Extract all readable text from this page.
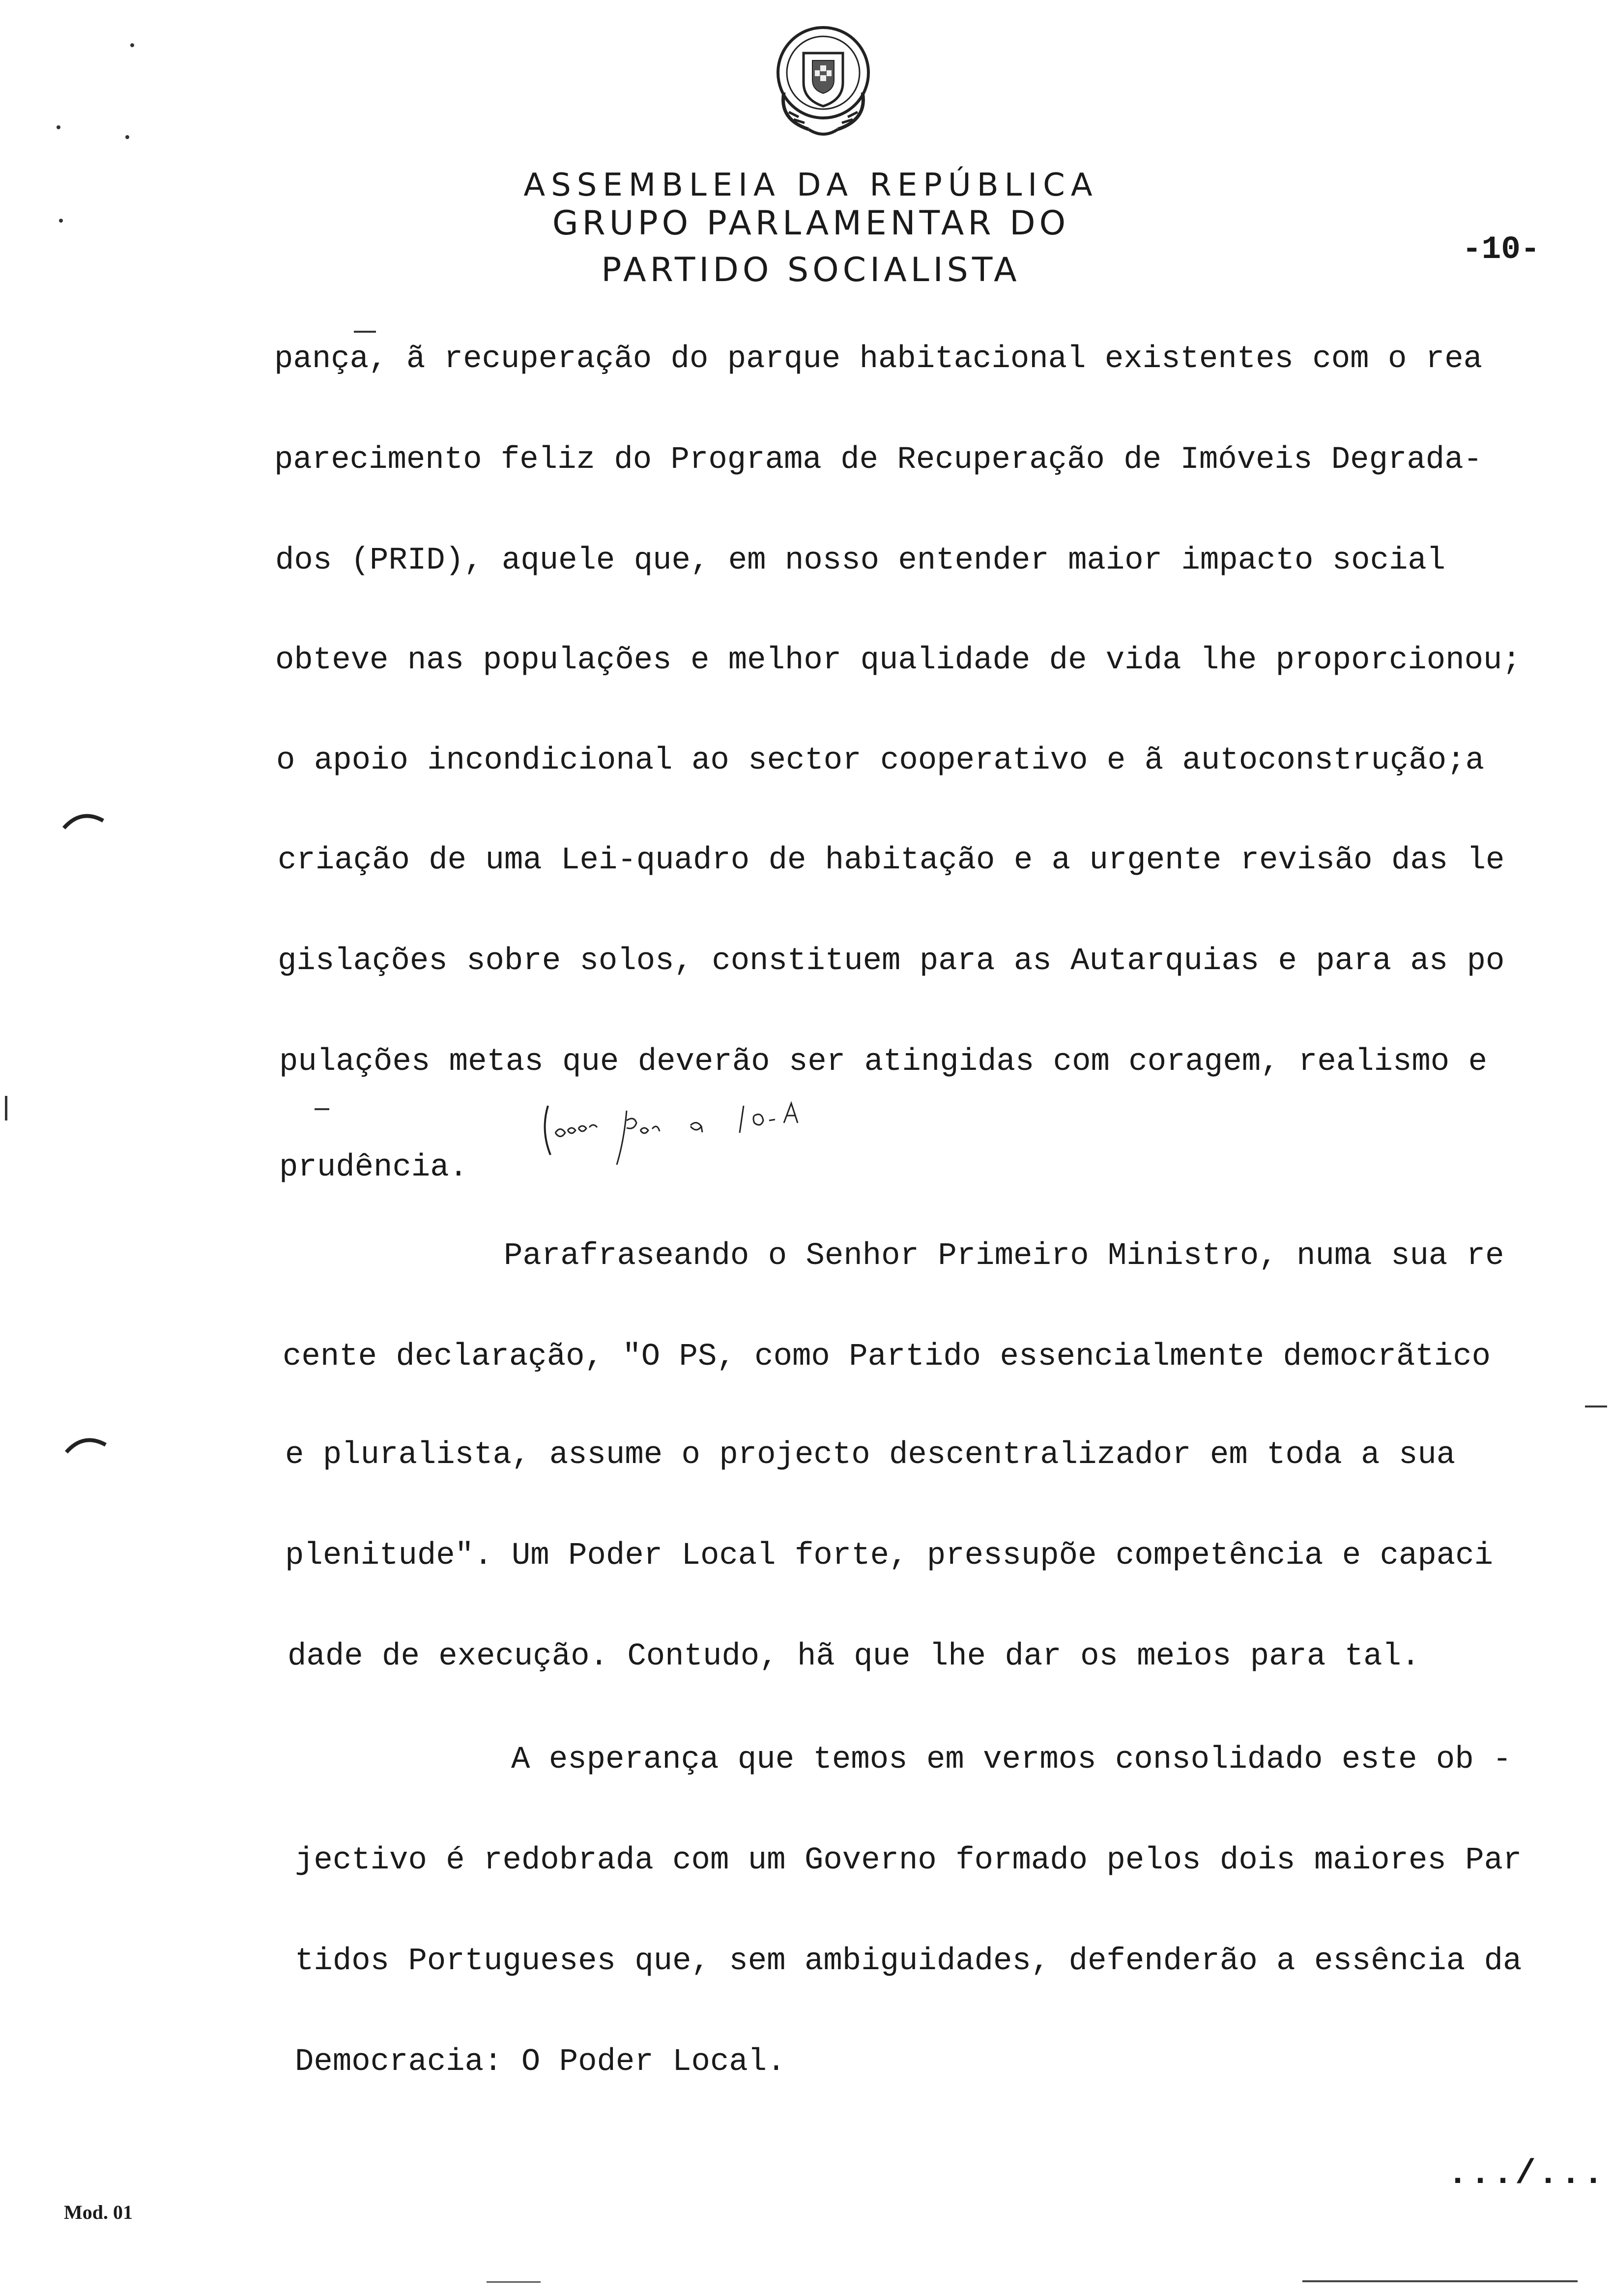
ASSEMBLEIA DA REPÚBLICA
GRUPO PARLAMENTAR DO
PARTIDO SOCIALISTA
-10-
pança, ã recuperação do parque habitacional existentes com o rea
parecimento feliz do Programa de Recuperação de Imóveis Degrada-
dos (PRID), aquele que, em nosso entender maior impacto social
obteve nas populações e melhor qualidade de vida lhe proporcionou;
o apoio incondicional ao sector cooperativo e ã autoconstrução;a
criação de uma Lei-quadro de habitação e a urgente revisão das le
gislações sobre solos, constituem para as Autarquias e para as po
pulações metas que deverão ser atingidas com coragem, realismo e
prudência.
Parafraseando o Senhor Primeiro Ministro, numa sua re
cente declaração, "O PS, como Partido essencialmente democrãtico
e pluralista, assume o projecto descentralizador em toda a sua
plenitude". Um Poder Local forte, pressupõe competência e capaci
dade de execução. Contudo, hã que lhe dar os meios para tal.
A esperança que temos em vermos consolidado este ob -
jectivo é redobrada com um Governo formado pelos dois maiores Par
tidos Portugueses que, sem ambiguidades, defenderão a essência da
Democracia: O Poder Local.
.../...
Mod. 01
